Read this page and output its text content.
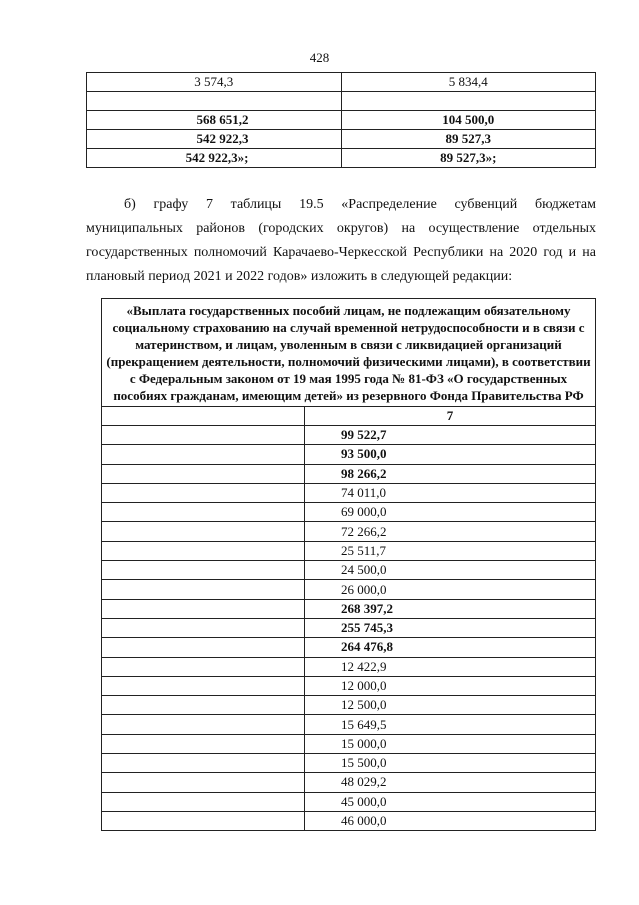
428
3 574,3	5 834,4

568 651,2	104 500,0
542 922,3	89 527,3
542 922,3»;	89 527,3»;

б) графу 7 таблицы 19.5 «Распределение субвенций бюджетам муниципальных районов (городских округов) на осуществление отдельных государственных полномочий Карачаево-Черкесской Республики на 2020 год и на плановый период 2021 и 2022 годов» изложить в следующей редакции:

«Выплата государственных пособий лицам, не подлежащим обязательному социальному страхованию на случай временной нетрудоспособности и в связи с материнством, и лицам, уволенным в связи с ликвидацией организаций (прекращением деятельности, полномочий физическими лицами), в соответствии с Федеральным законом от 19 мая 1995 года № 81-ФЗ «О государственных пособиях гражданам, имеющим детей» из резервного Фонда Правительства РФ	
	7
	99 522,7
	93 500,0
	98 266,2
	74 011,0
	69 000,0
	72 266,2
	25 511,7
	24 500,0
	26 000,0
	268 397,2
	255 745,3
	264 476,8
	12 422,9
	12 000,0
	12 500,0
	15 649,5
	15 000,0
	15 500,0
	48 029,2
	45 000,0
	46 000,0
